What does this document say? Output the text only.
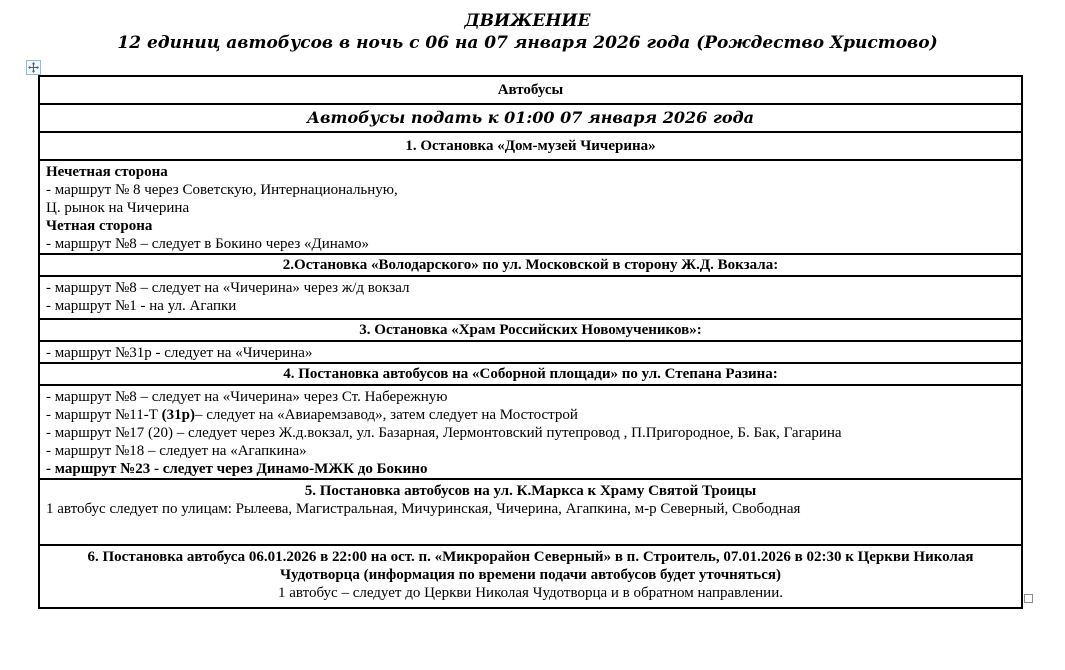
ДВИЖЕНИЕ
12 единиц автобусов в ночь с 06 на 07 января 2026 года (Рождество Христово)
Автобусы
Автобусы подать к 01:00 07 января 2026 года
1. Остановка «Дом-музей Чичерина»
Нечетная сторона
- маршрут № 8 через Советскую, Интернациональную,
Ц. рынок на Чичерина
Четная сторона
- маршрут №8 – следует в Бокино через «Динамо»
2.Остановка «Володарского» по ул. Московской в сторону Ж.Д. Вокзала:
- маршрут №8 – следует на «Чичерина» через ж/д вокзал
- маршрут №1 - на ул. Агапки
3. Остановка «Храм Российских Новомучеников»:
- маршрут №31р - следует на «Чичерина»
4. Постановка автобусов на «Соборной площади» по ул. Степана Разина:
- маршрут №8 – следует на «Чичерина» через Ст. Набережную
- маршрут №11-Т (31р)– следует на «Авиаремзавод», затем следует на Мостострой
- маршрут №17 (20) – следует через Ж.д.вокзал, ул. Базарная, Лермонтовский путепровод , П.Пригородное, Б. Бак, Гагарина
- маршрут №18 – следует на «Агапкина»
- маршрут №23 - следует через Динамо-МЖК до Бокино
5. Постановка автобусов на ул. К.Маркса к Храму Святой Троицы
1 автобус следует по улицам: Рылеева, Магистральная, Мичуринская, Чичерина, Агапкина, м-р Северный, Свободная
6. Постановка автобуса 06.01.2026 в 22:00 на ост. п. «Микрорайон Северный» в п. Строитель, 07.01.2026 в 02:30 к Церкви Николая Чудотворца (информация по времени подачи автобусов будет уточняться)
1 автобус – следует до Церкви Николая Чудотворца и в обратном направлении.
